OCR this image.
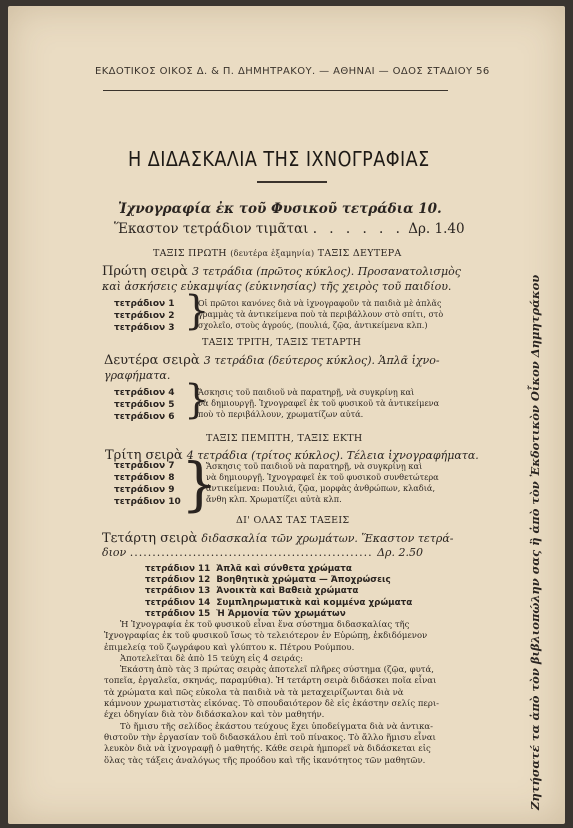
ΕΚΔΟΤΙΚΟΣ ΟΙΚΟΣ Δ. & Π. ΔΗΜΗΤΡΑΚΟΥ. — ΑΘΗΝΑΙ — ΟΔΟΣ ΣΤΑΔΙΟΥ 56
Η ΔΙΔΑΣΚΑΛΙΑ ΤΗΣ ΙΧΝΟΓΡΑΦΙΑΣ
Ἰχνογραφία ἐκ τοῦ Φυσικοῦ τετράδια 10.
Ἕκαστον τετράδιον τιμᾶται . . . . . . Δρ. 1.40
ΤΑΞΙΣ ΠΡΩΤΗ (δευτέρα ἑξαμηνία) ΤΑΞΙΣ ΔΕΥΤΕΡΑ
Πρώτη σειρὰ 3 τετράδια (πρῶτος κύκλος). Προσανατολισμὸς
καὶ ἀσκήσεις εὐκαμψίας (εὐκινησίας) τῆς χειρὸς τοῦ παιδίου.
τετράδιον 1
τετράδιον 2
τετράδιον 3 }
Οἱ πρῶτοι κανόνες διὰ νὰ ἰχνογραφοῦν τὰ παιδιὰ μὲ ἁπλᾶς
γραμμὰς τὰ ἀντικείμενα ποὺ τὰ περιβάλλουν στὸ σπίτι, στὸ
σχολεῖο, στοὺς ἀγρούς, (πουλιά, ζῷα, ἀντικείμενα κλπ.)
ΤΑΞΙΣ ΤΡΙΤΗ, ΤΑΞΙΣ ΤΕΤΑΡΤΗ
Δευτέρα σειρὰ 3 τετράδια (δεύτερος κύκλος). Ἁπλᾶ ἰχνο-
γραφήματα.
τετράδιον 4
τετράδιον 5
τετράδιον 6 }
Ἄσκησις τοῦ παιδιοῦ νὰ παρατηρῇ, νὰ συγκρίνῃ καὶ
νὰ δημιουργῇ. Ἰχνογραφεῖ ἐκ τοῦ φυσικοῦ τὰ ἀντικείμενα
ποὺ τὸ περιβάλλουν, χρωματίζων αὐτά.
ΤΑΞΙΣ ΠΕΜΠΤΗ, ΤΑΞΙΣ ΕΚΤΗ
Τρίτη σειρὰ 4 τετράδια (τρίτος κύκλος). Τέλεια ἰχνογραφήματα.
τετράδιον 7
τετράδιον 8
τετράδιον 9
τετράδιον 10 }
Ἄσκησις τοῦ παιδιοῦ νὰ παρατηρῇ, νὰ συγκρίνῃ καὶ
νὰ δημιουργῇ. Ἰχνογραφεῖ ἐκ τοῦ φυσικοῦ συνθετώτερα
ἀντικείμενα: Πουλιά, ζῷα, μορφὰς ἀνθρώπων, κλαδιά,
ἄνθη κλπ. Χρωματίζει αὐτὰ κλπ.
ΔΙ' ΟΛΑΣ ΤΑΣ ΤΑΞΕΙΣ
Τετάρτη σειρὰ διδασκαλία τῶν χρωμάτων. Ἕκαστον τετρά-
διον ...................................................... Δρ. 2.50
τετράδιον 11 Ἁπλᾶ καὶ σύνθετα χρώματα
τετράδιον 12 Βοηθητικὰ χρώματα — Ἀποχρώσεις
τετράδιον 13 Ἀνοικτὰ καὶ Βαθειὰ χρώματα
τετράδιον 14 Συμπληρωματικὰ καὶ κομμένα χρώματα
τετράδιον 15 Ἡ Ἁρμονία τῶν χρωμάτων
Ἡ Ἰχνογραφία ἐκ τοῦ φυσικοῦ εἶναι ἕνα σύστημα διδασκαλίας τῆς
Ἰχνογραφίας ἐκ τοῦ φυσικοῦ ἴσως τὸ τελειότερον ἐν Εὐρώπῃ, ἐκδιδόμενον
ἐπιμελείᾳ τοῦ ζωγράφου καὶ γλύπτου κ. Πέτρου Ρούμπου.
Ἀποτελεῖται δὲ ἀπὸ 15 τεύχη εἰς 4 σειράς:
Ἑκάστη ἀπὸ τὰς 3 πρώτας σειρὰς ἀποτελεῖ πλῆρες σύστημα (ζῷα, φυτά,
τοπεῖα, ἐργαλεῖα, σκηνάς, παραμύθια). Ἡ τετάρτη σειρὰ διδάσκει ποῖα εἶναι
τὰ χρώματα καὶ πῶς εὐκολα τὰ παιδιὰ νὰ τὰ μεταχειρίζωνται διὰ νὰ
κάμνουν χρωματιστὰς εἰκόνας. Τὸ σπουδαιότερον δὲ εἰς ἑκάστην σελίς περι-
έχει ὁδηγίαν διὰ τὸν διδάσκαλον καὶ τὸν μαθητήν.
Τὸ ἥμισυ τῆς σελίδος ἑκάστου τεύχους ἔχει ὑποδείγματα διὰ νὰ ἀντικα-
θιστοῦν τὴν ἐργασίαν τοῦ διδασκάλου ἐπὶ τοῦ πίνακος. Τὸ ἄλλο ἥμισυ εἶναι
λευκὸν διὰ νὰ ἰχνογραφῇ ὁ μαθητής. Κάθε σειρὰ ἠμπορεῖ νὰ διδάσκεται εἰς
ὅλας τὰς τάξεις ἀναλόγως τῆς προόδου καὶ τῆς ἱκανότητος τῶν μαθητῶν.	Ζητήσατέ τα ἀπὸ τὸν βιβλιοπώλην σας ἢ ἀπὸ τὸν Ἐκδοτικὸν Οἶκον Δημητράκου
